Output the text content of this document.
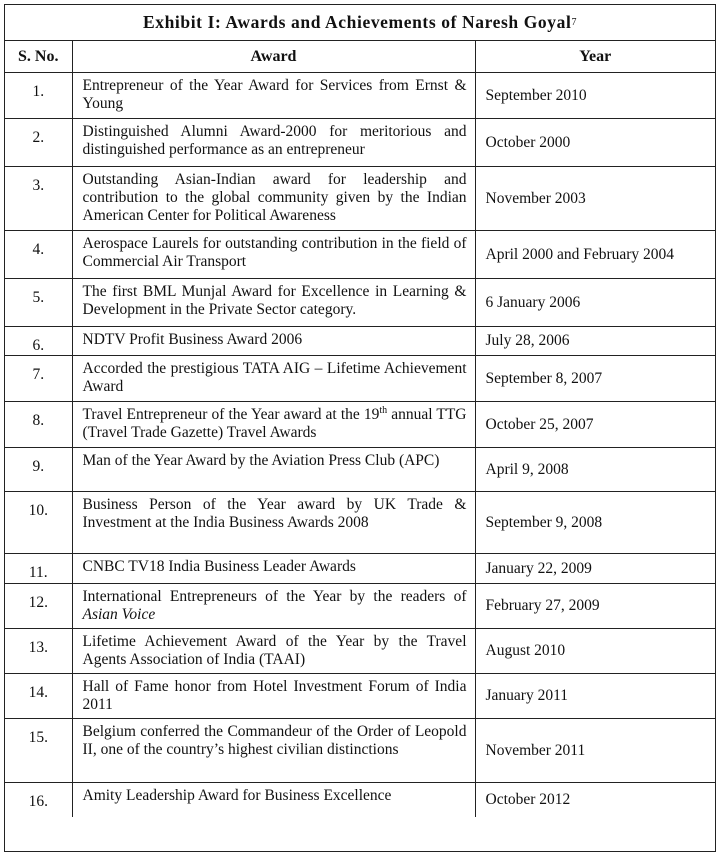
Exhibit I: Awards and Achievements of Naresh Goyal 7
S. No.	Award	Year
1.	Entrepreneur of the Year Award for Services from Ernst & Young	September 2010
2.	Distinguished Alumni Award-2000 for meritorious and distinguished performance as an entrepreneur	October 2000
3.	Outstanding Asian-Indian award for leadership and contribution to the global community given by the Indian American Center for Political Awareness	November 2003
4.	Aerospace Laurels for outstanding contribution in the field of Commercial Air Transport	April 2000 and February 2004
5.	The first BML Munjal Award for Excellence in Learning & Development in the Private Sector category.	6 January 2006
6.	NDTV Profit Business Award 2006	July 28, 2006
7.	Accorded the prestigious TATA AIG – Lifetime Achievement Award	September 8, 2007
8.	Travel Entrepreneur of the Year award at the 19th annual TTG (Travel Trade Gazette) Travel Awards	October 25, 2007
9.	Man of the Year Award by the Aviation Press Club (APC)	April 9, 2008
10.	Business Person of the Year award by UK Trade & Investment at the India Business Awards 2008	September 9, 2008
11.	CNBC TV18 India Business Leader Awards	January 22, 2009
12.	International Entrepreneurs of the Year by the readers of Asian Voice	February 27, 2009
13.	Lifetime Achievement Award of the Year by the Travel Agents Association of India (TAAI)	August 2010
14.	Hall of Fame honor from Hotel Investment Forum of India 2011	January 2011
15.	Belgium conferred the Commandeur of the Order of Leopold II, one of the country’s highest civilian distinctions	November 2011
16.	Amity Leadership Award for Business Excellence	October 2012
